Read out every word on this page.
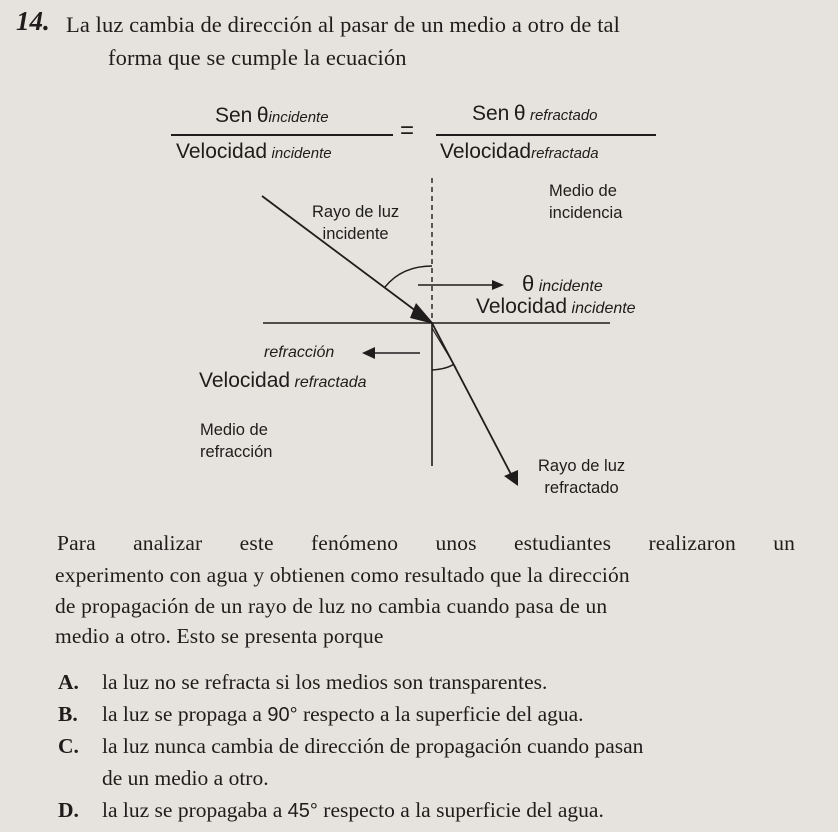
14. La luz cambia de dirección al pasar de un medio a otro de tal
forma que se cumple la ecuación
Sen θincidente
Velocidad incidente
=
Sen θ refractado
Velocidadrefractada
Medio de
incidencia
Rayo de luz
incidente
θ incidente
Velocidad incidente
refracción
Velocidad refractada
Medio de
refracción
Rayo de luz
refractado
Para analizar este fenómeno unos estudiantes realizaron un
experimento con agua y obtienen como resultado que la dirección
de propagación de un rayo de luz no cambia cuando pasa de un
medio a otro. Esto se presenta porque
A. la luz no se refracta si los medios son transparentes.
B. la luz se propaga a 90° respecto a la superficie del agua.
C. la luz nunca cambia de dirección de propagación cuando pasan
de un medio a otro.
D. la luz se propagaba a 45° respecto a la superficie del agua.
